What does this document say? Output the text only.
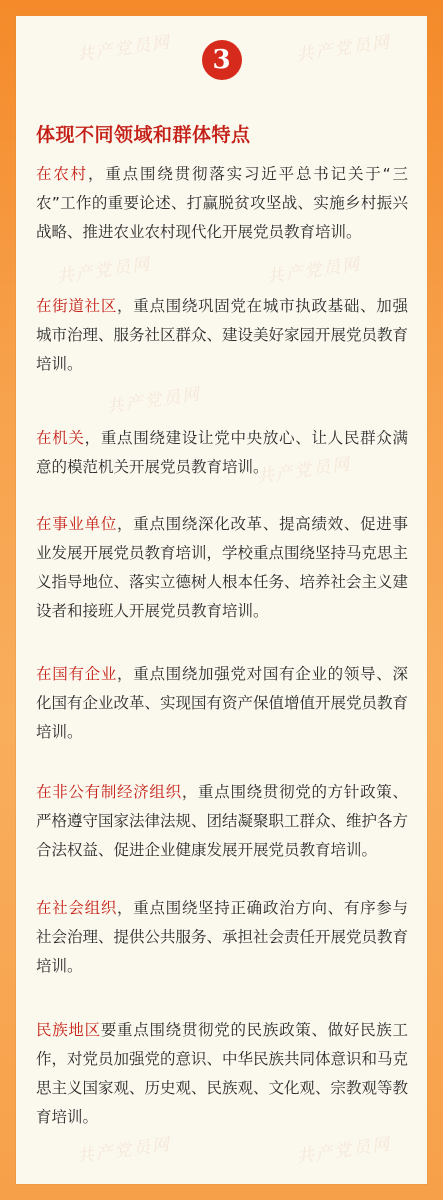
共产党员网	共产党员网
共产党员网	共产党员网
共产党员网
共产党员网
共产党员网	共产党员网
3
体现不同领域和群体特点
在农村，重点围绕贯彻落实习近平总书记关于“三农”工作的重要论述、打赢脱贫攻坚战、实施乡村振兴战略、推进农业农村现代化开展党员教育培训。
在街道社区，重点围绕巩固党在城市执政基础、加强城市治理、服务社区群众、建设美好家园开展党员教育培训。
在机关，重点围绕建设让党中央放心、让人民群众满意的模范机关开展党员教育培训。
在事业单位，重点围绕深化改革、提高绩效、促进事业发展开展党员教育培训，学校重点围绕坚持马克思主义指导地位、落实立德树人根本任务、培养社会主义建设者和接班人开展党员教育培训。
在国有企业，重点围绕加强党对国有企业的领导、深化国有企业改革、实现国有资产保值增值开展党员教育培训。
在非公有制经济组织，重点围绕贯彻党的方针政策、严格遵守国家法律法规、团结凝聚职工群众、维护各方合法权益、促进企业健康发展开展党员教育培训。
在社会组织，重点围绕坚持正确政治方向、有序参与社会治理、提供公共服务、承担社会责任开展党员教育培训。
民族地区要重点围绕贯彻党的民族政策、做好民族工作，对党员加强党的意识、中华民族共同体意识和马克思主义国家观、历史观、民族观、文化观、宗教观等教育培训。
